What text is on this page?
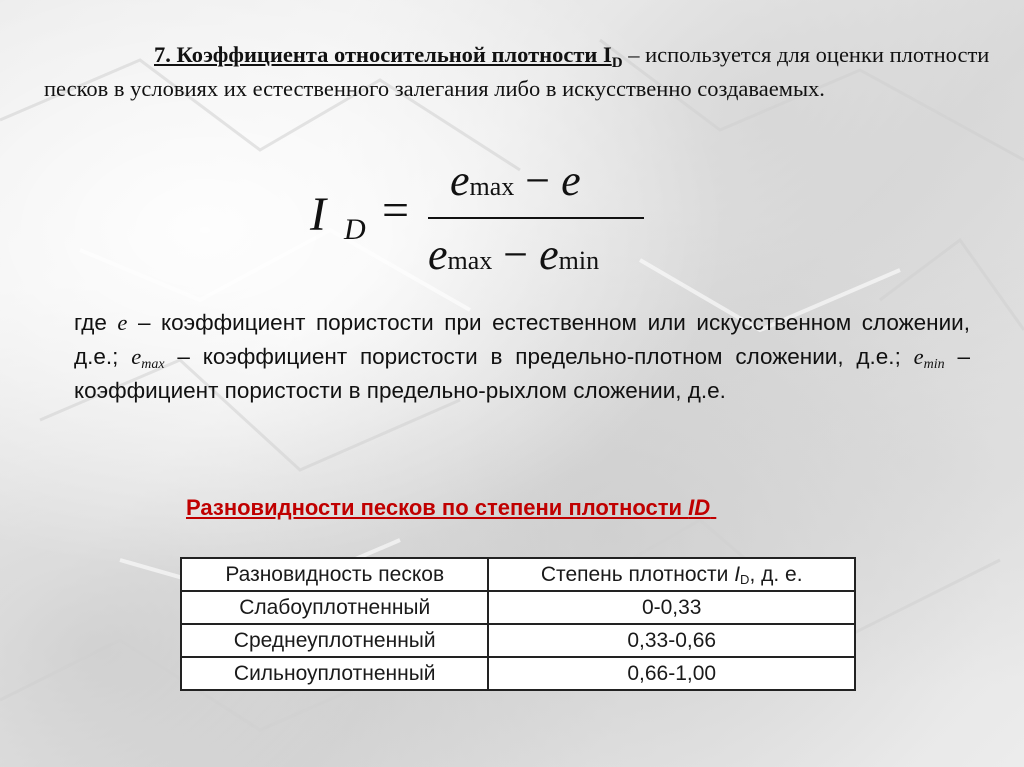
7. Коэффициента относительной плотности $I_D$ – используется для оценки плотности песков в условиях их естественного залегания либо в искусственно создаваемых.
I D =
emax − e
emax − emin
где e – коэффициент пористости при естественном или искусственном сложении, д.е.; $e_{max}$ – коэффициент пористости в предельно-плотном сложении, д.е.; $e_{min}$ – коэффициент пористости в предельно-рыхлом сложении, д.е.
Разновидности песков по степени плотности ID
Разновидность песков	Степень плотности $I_D$, д. е.
Слабоуплотненный	0-0,33
Среднеуплотненный	0,33-0,66
Сильноуплотненный	0,66-1,00
